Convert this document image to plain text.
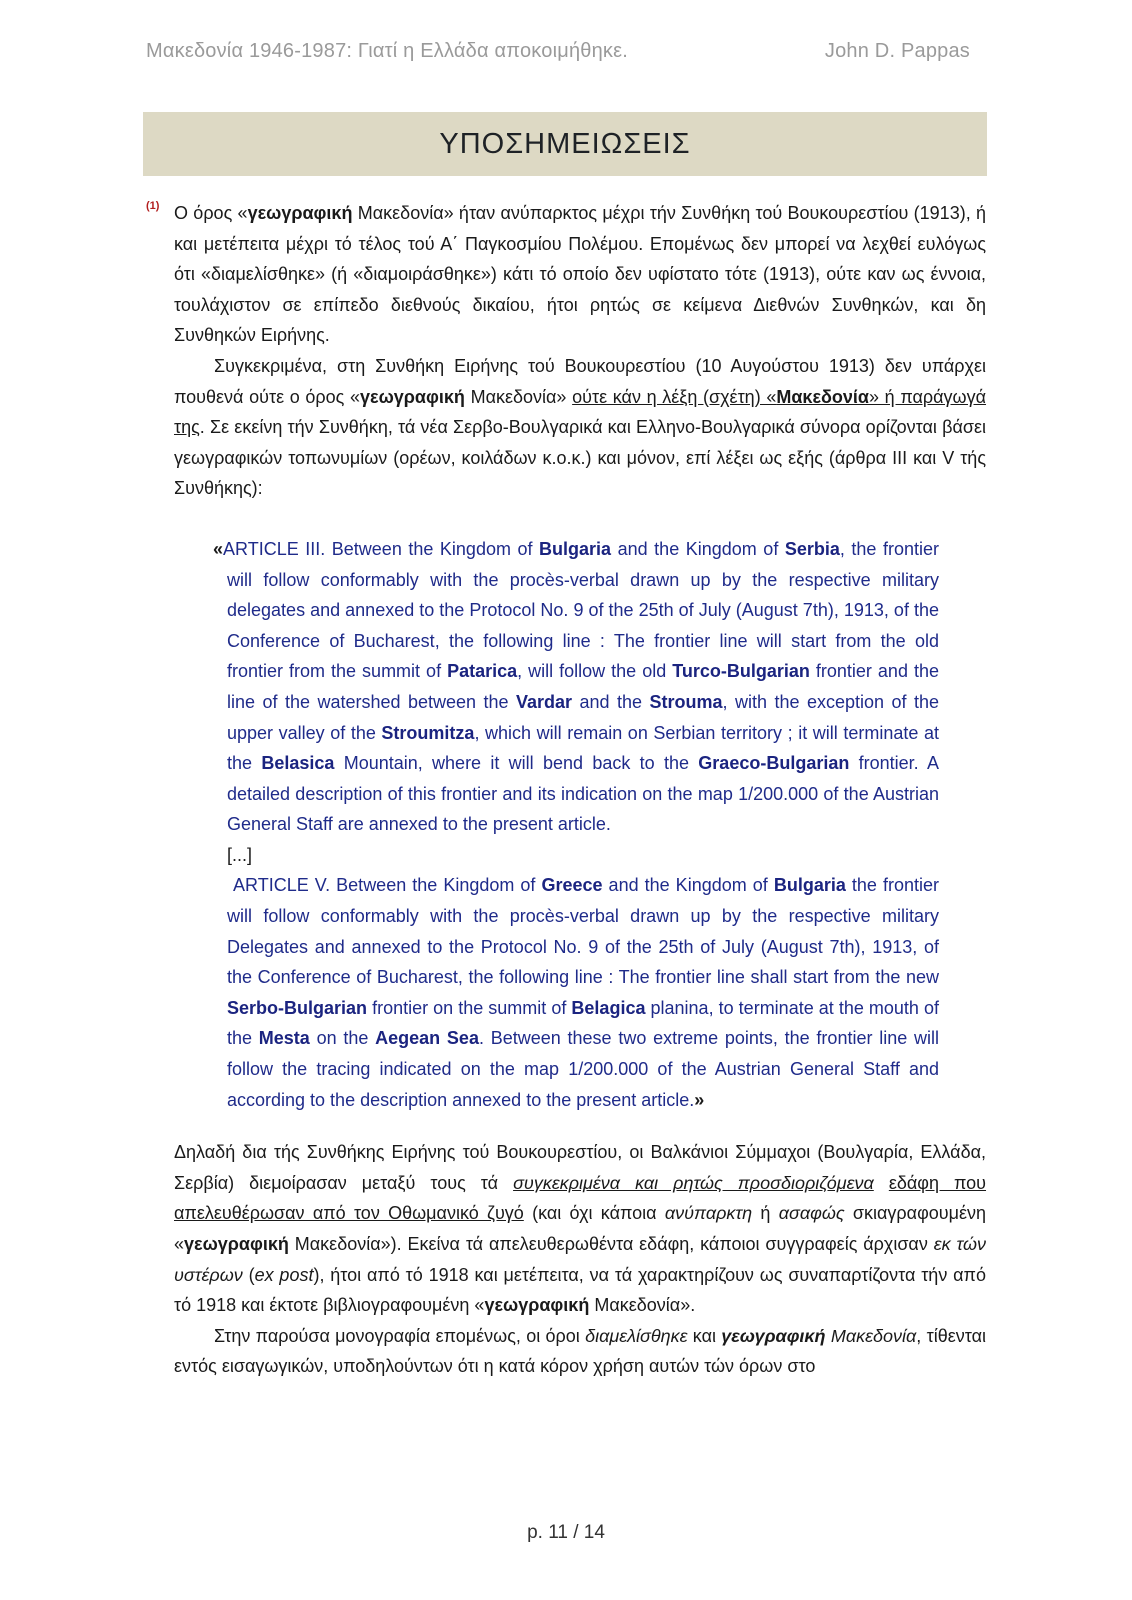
Μακεδονία 1946-1987: Γιατί η Ελλάδα αποκοιμήθηκε.	John D. Pappas
ΥΠΟΣΗΜΕΙΩΣΕΙΣ
(1) Ο όρος «γεωγραφική Μακεδονία» ήταν ανύπαρκτος μέχρι τήν Συνθήκη τού Βουκουρεστίου (1913), ή και μετέπειτα μέχρι τό τέλος τού Α΄ Παγκοσμίου Πολέμου. Επομένως δεν μπορεί να λεχθεί ευλόγως ότι «διαμελίσθηκε» (ή «διαμοιράσθηκε») κάτι τό οποίο δεν υφίστατο τότε (1913), ούτε καν ως έννοια, τουλάχιστον σε επίπεδο διεθνούς δικαίου, ήτοι ρητώς σε κείμενα Διεθνών Συνθηκών, και δη Συνθηκών Ειρήνης.

Συγκεκριμένα, στη Συνθήκη Ειρήνης τού Βουκουρεστίου (10 Αυγούστου 1913) δεν υπάρχει πουθενά ούτε ο όρος «γεωγραφική Μακεδονία» ούτε κάν η λέξη (σχέτη) «Μακεδονία» ή παράγωγά της. Σε εκείνη τήν Συνθήκη, τά νέα Σερβο-Βουλγαρικά και Ελληνο-Βουλγαρικά σύνορα ορίζονται βάσει γεωγραφικών τοπωνυμίων (ορέων, κοιλάδων κ.ο.κ.) και μόνον, επί λέξει ως εξής (άρθρα ΙΙΙ και V τής Συνθήκης):

«ARTICLE III. Between the Kingdom of Bulgaria and the Kingdom of Serbia, the frontier will follow conformably with the procès-verbal drawn up by the respective military delegates and annexed to the Protocol No. 9 of the 25th of July (August 7th), 1913, of the Conference of Bucharest, the following line : The frontier line will start from the old frontier from the summit of Patarica, will follow the old Turco-Bulgarian frontier and the line of the watershed between the Vardar and the Strouma, with the exception of the upper valley of the Stroumitza, which will remain on Serbian territory ; it will terminate at the Belasica Mountain, where it will bend back to the Graeco-Bulgarian frontier. A detailed description of this frontier and its indication on the map 1/200.000 of the Austrian General Staff are annexed to the present article.

[...]

ARTICLE V. Between the Kingdom of Greece and the Kingdom of Bulgaria the frontier will follow conformably with the procès-verbal drawn up by the respective military Delegates and annexed to the Protocol No. 9 of the 25th of July (August 7th), 1913, of the Conference of Bucharest, the following line : The frontier line shall start from the new Serbo-Bulgarian frontier on the summit of Belagica planina, to terminate at the mouth of the Mesta on the Aegean Sea. Between these two extreme points, the frontier line will follow the tracing indicated on the map 1/200.000 of the Austrian General Staff and according to the description annexed to the present article.»

Δηλαδή δια τής Συνθήκης Ειρήνης τού Βουκουρεστίου, οι Βαλκάνιοι Σύμμαχοι (Βουλγαρία, Ελλάδα, Σερβία) διεμοίρασαν μεταξύ τους τά συγκεκριμένα και ρητώς προσδιοριζόμενα εδάφη που απελευθέρωσαν από τον Οθωμανικό ζυγό (και όχι κάποια ανύπαρκτη ή ασαφώς σκιαγραφουμένη «γεωγραφική Μακεδονία»). Εκείνα τά απελευθερωθέντα εδάφη, κάποιοι συγγραφείς άρχισαν εκ τών υστέρων (ex post), ήτοι από τό 1918 και μετέπειτα, να τά χαρακτηρίζουν ως συναπαρτίζοντα τήν από τό 1918 και έκτοτε βιβλιογραφουμένη «γεωγραφική Μακεδονία».

Στην παρούσα μονογραφία επομένως, οι όροι διαμελίσθηκε και γεωγραφική Μακεδονία, τίθενται εντός εισαγωγικών, υποδηλούντων ότι η κατά κόρον χρήση αυτών τών όρων στο

p. 11 / 14
